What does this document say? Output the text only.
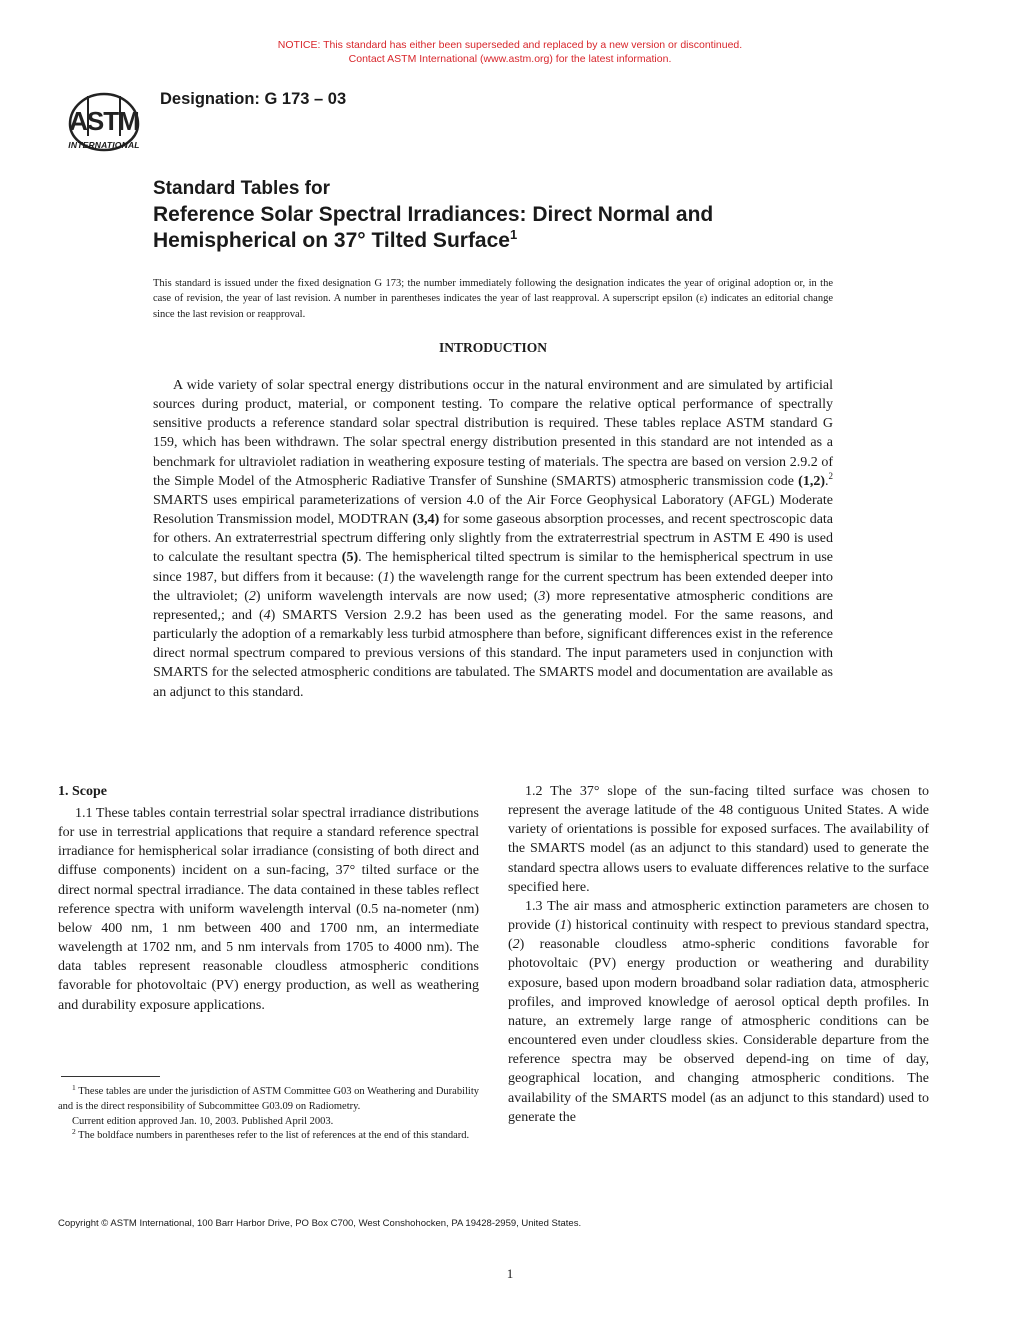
NOTICE: This standard has either been superseded and replaced by a new version or discontinued.
Contact ASTM International (www.astm.org) for the latest information.
ASTM
INTERNATIONAL
Designation: G 173 – 03
Standard Tables for
Reference Solar Spectral Irradiances: Direct Normal and
Hemispherical on 37° Tilted Surface$^1$
This standard is issued under the fixed designation G 173; the number immediately following the designation indicates the year of original adoption or, in the case of revision, the year of last revision. A number in parentheses indicates the year of last reapproval. A superscript epsilon (ε) indicates an editorial change since the last revision or reapproval.
INTRODUCTION

A wide variety of solar spectral energy distributions occur in the natural environment and are simulated by artificial sources during product, material, or component testing. To compare the relative optical performance of spectrally sensitive products a reference standard solar spectral distribution is required. These tables replace ASTM standard G 159, which has been withdrawn. The solar spectral energy distribution presented in this standard are not intended as a benchmark for ultraviolet radiation in weathering exposure testing of materials. The spectra are based on version 2.9.2 of the Simple Model of the Atmospheric Radiative Transfer of Sunshine (SMARTS) atmospheric transmission code (1,2).$^2$ SMARTS uses empirical parameterizations of version 4.0 of the Air Force Geophysical Laboratory (AFGL) Moderate Resolution Transmission model, MODTRAN (3,4) for some gaseous absorption processes, and recent spectroscopic data for others. An extraterrestrial spectrum differing only slightly from the extraterrestrial spectrum in ASTM E 490 is used to calculate the resultant spectra (5). The hemispherical tilted spectrum is similar to the hemispherical spectrum in use since 1987, but differs from it because: (1) the wavelength range for the current spectrum has been extended deeper into the ultraviolet; (2) uniform wavelength intervals are now used; (3) more representative atmospheric conditions are represented,; and (4) SMARTS Version 2.9.2 has been used as the generating model. For the same reasons, and particularly the adoption of a remarkably less turbid atmosphere than before, significant differences exist in the reference direct normal spectrum compared to previous versions of this standard. The input parameters used in conjunction with SMARTS for the selected atmospheric conditions are tabulated. The SMARTS model and documentation are available as an adjunct to this standard.

1. Scope

1.1 These tables contain terrestrial solar spectral irradiance distributions for use in terrestrial applications that require a standard reference spectral irradiance for hemispherical solar irradiance (consisting of both direct and diffuse components) incident on a sun-facing, 37° tilted surface or the direct normal spectral irradiance. The data contained in these tables reflect reference spectra with uniform wavelength interval (0.5 na-nometer (nm) below 400 nm, 1 nm between 400 and 1700 nm, an intermediate wavelength at 1702 nm, and 5 nm intervals from 1705 to 4000 nm). The data tables represent reasonable cloudless atmospheric conditions favorable for photovoltaic (PV) energy production, as well as weathering and durability exposure applications.

1.2 The 37° slope of the sun-facing tilted surface was chosen to represent the average latitude of the 48 contiguous United States. A wide variety of orientations is possible for exposed surfaces. The availability of the SMARTS model (as an adjunct to this standard) used to generate the standard spectra allows users to evaluate differences relative to the surface specified here.

1.3 The air mass and atmospheric extinction parameters are chosen to provide (1) historical continuity with respect to previous standard spectra, (2) reasonable cloudless atmo-spheric conditions favorable for photovoltaic (PV) energy production or weathering and durability exposure, based upon modern broadband solar radiation data, atmospheric profiles, and improved knowledge of aerosol optical depth profiles. In nature, an extremely large range of atmospheric conditions can be encountered even under cloudless skies. Considerable departure from the reference spectra may be observed depend-ing on time of day, geographical location, and changing atmospheric conditions. The availability of the SMARTS model (as an adjunct to this standard) used to generate the

$^1$ These tables are under the jurisdiction of ASTM Committee G03 on Weathering and Durability and is the direct responsibility of Subcommittee G03.09 on Radiometry.

Current edition approved Jan. 10, 2003. Published April 2003.

$^2$ The boldface numbers in parentheses refer to the list of references at the end of this standard.

Copyright © ASTM International, 100 Barr Harbor Drive, PO Box C700, West Conshohocken, PA 19428-2959, United States.
1
